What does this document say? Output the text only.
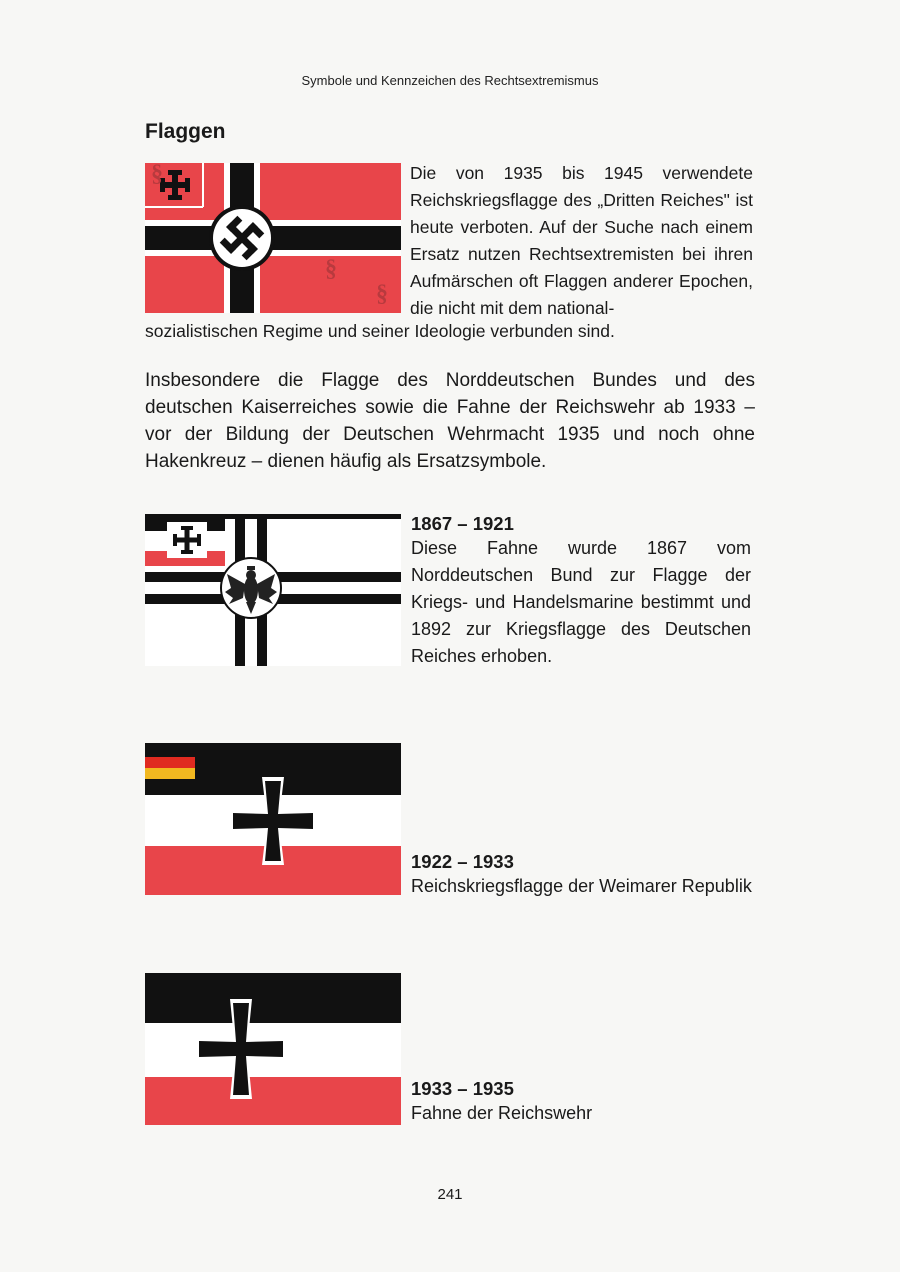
Symbole und Kennzeichen des Rechtsextremismus
Flaggen
§
§
§
Die von 1935 bis 1945 verwendete Reichskriegsflagge des „Dritten Reiches" ist heute verboten. Auf der Suche nach einem Ersatz nutzen Rechtsextremisten bei ihren Aufmärschen oft Flaggen anderer Epochen, die nicht mit dem national-
sozialistischen Regime und seiner Ideologie verbunden sind.
Insbesondere die Flagge des Norddeutschen Bundes und des deutschen Kaiserreiches sowie die Fahne der Reichswehr ab 1933 – vor der Bildung der Deutschen Wehrmacht 1935 und noch ohne Hakenkreuz – dienen häufig als Ersatzsymbole.
1867 – 1921
Diese Fahne wurde 1867 vom Norddeutschen Bund zur Flagge der Kriegs- und Handelsmarine bestimmt und 1892 zur Kriegsflagge des Deutschen Reiches erhoben.
1922 – 1933
Reichskriegsflagge der Weimarer Republik
1933 – 1935
Fahne der Reichswehr
241
